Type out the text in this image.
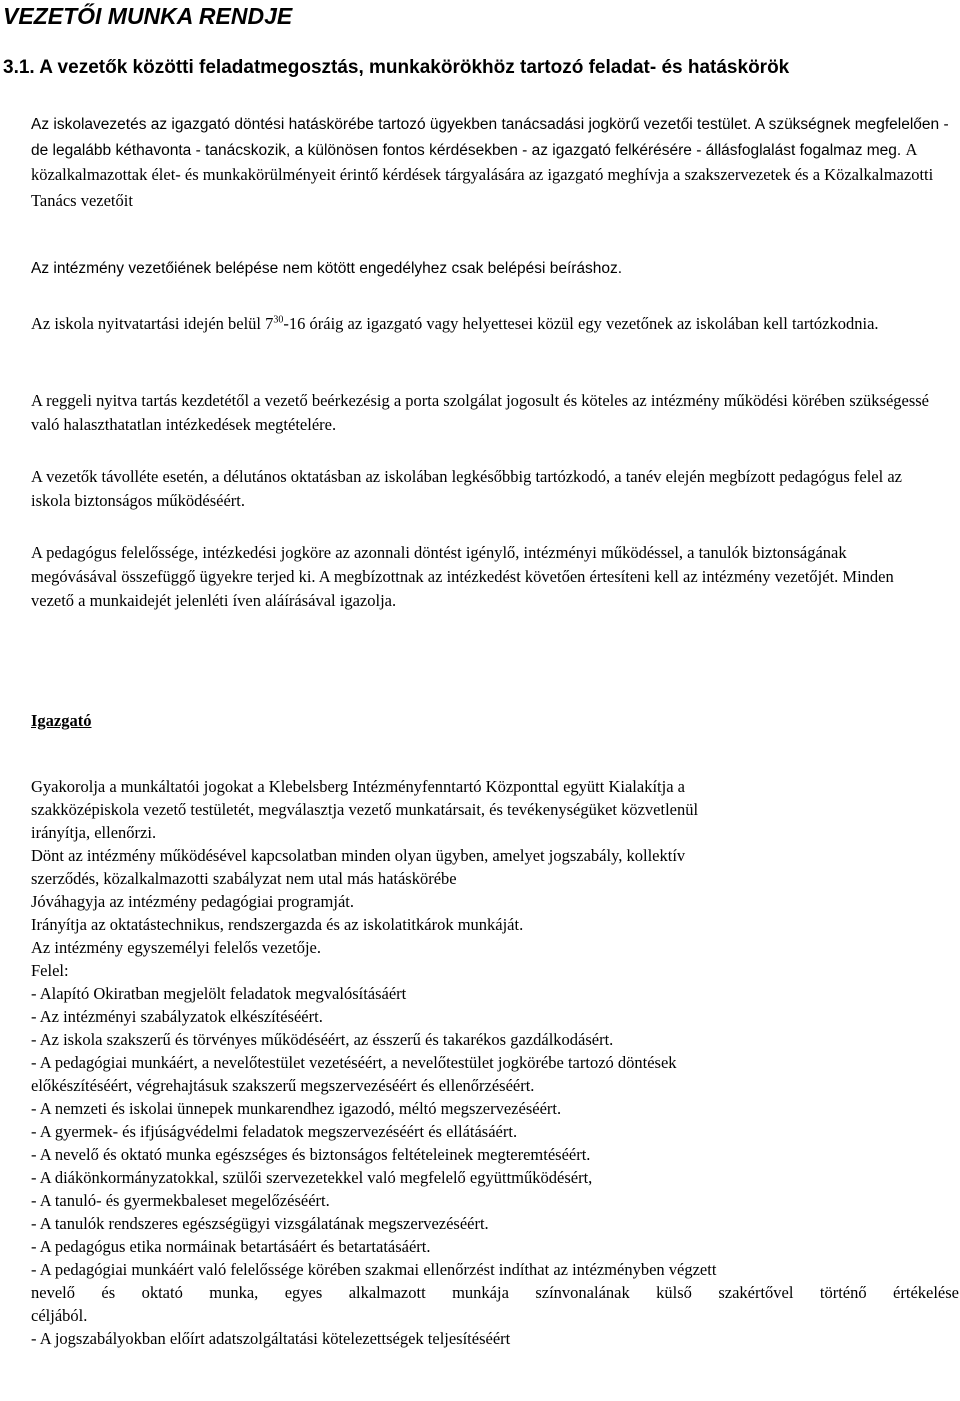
VEZETŐI MUNKA RENDJE
3.1. A vezetők közötti feladatmegosztás, munkakörökhöz tartozó feladat- és hatáskörök

Az iskolavezetés az igazgató döntési hatáskörébe tartozó ügyekben tanácsadási jogkörű vezetői testület. A szükségnek megfelelően - de legalább kéthavonta - tanácskozik, a különösen fontos kérdésekben - az igazgató felkérésére - állásfoglalást fogalmaz meg. A közalkalmazottak élet- és munkakörülményeit érintő kérdések tárgyalására az igazgató meghívja a szakszervezetek és a Közalkalmazotti Tanács vezetőit

Az intézmény vezetőiének belépése nem kötött engedélyhez csak belépési beíráshoz.

Az iskola nyitvatartási idején belül $7^{30}-16$ óráig az igazgató vagy helyettesei közül egy vezetőnek az iskolában kell tartózkodnia.

A reggeli nyitva tartás kezdetétől a vezető beérkezésig a porta szolgálat jogosult és köteles az intézmény működési körében szükségessé való halaszthatatlan intézkedések megtételére.

A vezetők távolléte esetén, a délutános oktatásban az iskolában legkésőbbig tartózkodó, a tanév elején megbízott pedagógus felel az iskola biztonságos működéséért.

A pedagógus felelőssége, intézkedési jogköre az azonnali döntést igénylő, intézményi működéssel, a tanulók biztonságának megóvásával összefüggő ügyekre terjed ki. A megbízottnak az intézkedést követően értesíteni kell az intézmény vezetőjét. Minden vezető a munkaidejét jelenléti íven aláírásával igazolja.

Igazgató

Gyakorolja a munkáltatói jogokat a Klebelsberg Intézményfenntartó Központtal együtt Kialakítja a
szakközépiskola vezető testületét, megválasztja vezető munkatársait, és tevékenységüket közvetlenül
irányítja, ellenőrzi.
Dönt az intézmény működésével kapcsolatban minden olyan ügyben, amelyet jogszabály, kollektív
szerződés, közalkalmazotti szabályzat nem utal más hatáskörébe
Jóváhagyja az intézmény pedagógiai programját.
Irányítja az oktatástechnikus, rendszergazda és az iskolatitkárok munkáját.
Az intézmény egyszemélyi felelős vezetője.
Felel:
- Alapító Okiratban megjelölt feladatok megvalósításáért
- Az intézményi szabályzatok elkészítéséért.
- Az iskola szakszerű és törvényes működéséért, az ésszerű és takarékos gazdálkodásért.
- A pedagógiai munkáért, a nevelőtestület vezetéséért, a nevelőtestület jogkörébe tartozó döntések
előkészítéséért, végrehajtásuk szakszerű megszervezéséért és ellenőrzéséért.
- A nemzeti és iskolai ünnepek munkarendhez igazodó, méltó megszervezéséért.
- A gyermek- és ifjúságvédelmi feladatok megszervezéséért és ellátásáért.
- A nevelő és oktató munka egészséges és biztonságos feltételeinek megteremtéséért.
- A diákönkormányzatokkal, szülői szervezetekkel való megfelelő együttműködésért,
- A tanuló- és gyermekbaleset megelőzéséért.
- A tanulók rendszeres egészségügyi vizsgálatának megszervezéséért.
- A pedagógus etika normáinak betartásáért és betartatásáért.
- A pedagógiai munkáért való felelőssége körében szakmai ellenőrzést indíthat az intézményben végzett
nevelő és oktató munka, egyes alkalmazott munkája színvonalának külső szakértővel történő értékelése
céljából.
- A jogszabályokban előírt adatszolgáltatási kötelezettségek teljesítéséért
